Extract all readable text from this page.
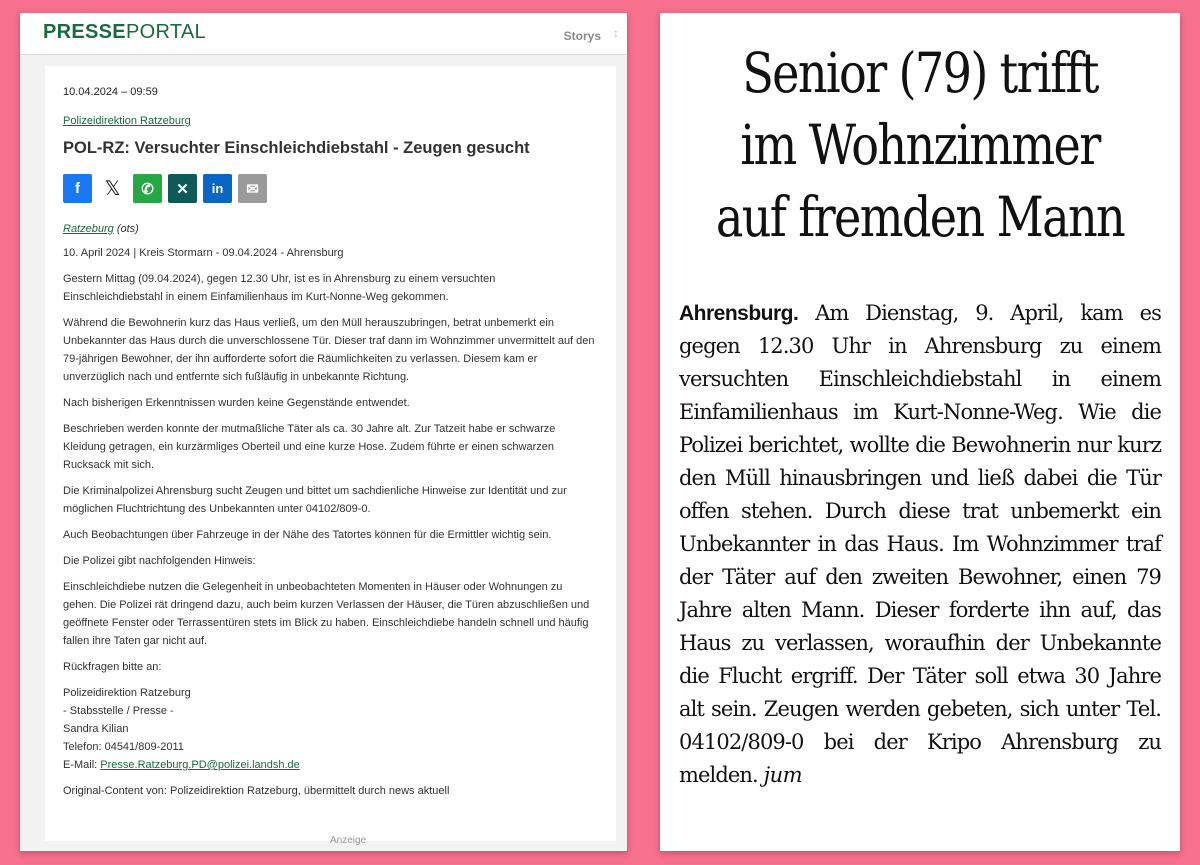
PRESSEPORTAL	Storys ↕
10.04.2024 – 09:59
Polizeidirektion Ratzeburg
POL-RZ: Versuchter Einschleichdiebstahl - Zeugen gesucht
f	𝕏	✆	✕	in	✉
Ratzeburg (ots)
10. April 2024 | Kreis Stormarn - 09.04.2024 - Ahrensburg

Gestern Mittag (09.04.2024), gegen 12.30 Uhr, ist es in Ahrensburg zu einem versuchten Einschleichdiebstahl in einem Einfamilienhaus im Kurt-Nonne-Weg gekommen.

Während die Bewohnerin kurz das Haus verließ, um den Müll herauszubringen, betrat unbemerkt ein Unbekannter das Haus durch die unverschlossene Tür. Dieser traf dann im Wohnzimmer unvermittelt auf den 79-jährigen Bewohner, der ihn aufforderte sofort die Räumlichkeiten zu verlassen. Diesem kam er unverzüglich nach und entfernte sich fußläufig in unbekannte Richtung.

Nach bisherigen Erkenntnissen wurden keine Gegenstände entwendet.

Beschrieben werden konnte der mutmaßliche Täter als ca. 30 Jahre alt. Zur Tatzeit habe er schwarze Kleidung getragen, ein kurzärmliges Oberteil und eine kurze Hose. Zudem führte er einen schwarzen Rucksack mit sich.

Die Kriminalpolizei Ahrensburg sucht Zeugen und bittet um sachdienliche Hinweise zur Identität und zur möglichen Fluchtrichtung des Unbekannten unter 04102/809-0.

Auch Beobachtungen über Fahrzeuge in der Nähe des Tatortes können für die Ermittler wichtig sein.

Die Polizei gibt nachfolgenden Hinweis:

Einschleichdiebe nutzen die Gelegenheit in unbeobachteten Momenten in Häuser oder Wohnungen zu gehen. Die Polizei rät dringend dazu, auch beim kurzen Verlassen der Häuser, die Türen abzuschließen und geöffnete Fenster oder Terrassentüren stets im Blick zu haben. Einschleichdiebe handeln schnell und häufig fallen ihre Taten gar nicht auf.

Rückfragen bitte an:

Polizeidirektion Ratzeburg
- Stabsstelle / Presse -
Sandra Kilian
Telefon: 04541/809-2011
E-Mail: Presse.Ratzeburg.PD@polizei.landsh.de

Original-Content von: Polizeidirektion Ratzeburg, übermittelt durch news aktuell

Anzeige
Senior (79) trifft
im Wohnzimmer
auf fremden Mann
Ahrensburg. Am Dienstag, 9. April, kam es gegen 12.30 Uhr in Ahrensburg zu einem versuchten Einschleichdiebstahl in einem Einfamilienhaus im Kurt-Nonne-Weg. Wie die Polizei berichtet, wollte die Bewohnerin nur kurz den Müll hinausbringen und ließ dabei die Tür offen stehen. Durch diese trat unbemerkt ein Unbekannter in das Haus. Im Wohnzimmer traf der Täter auf den zweiten Bewohner, einen 79 Jahre alten Mann. Dieser forderte ihn auf, das Haus zu verlassen, woraufhin der Unbekannte die Flucht ergriff. Der Täter soll etwa 30 Jahre alt sein. Zeugen werden gebeten, sich unter Tel. 04102/809-0 bei der Kripo Ahrensburg zu melden. jum
